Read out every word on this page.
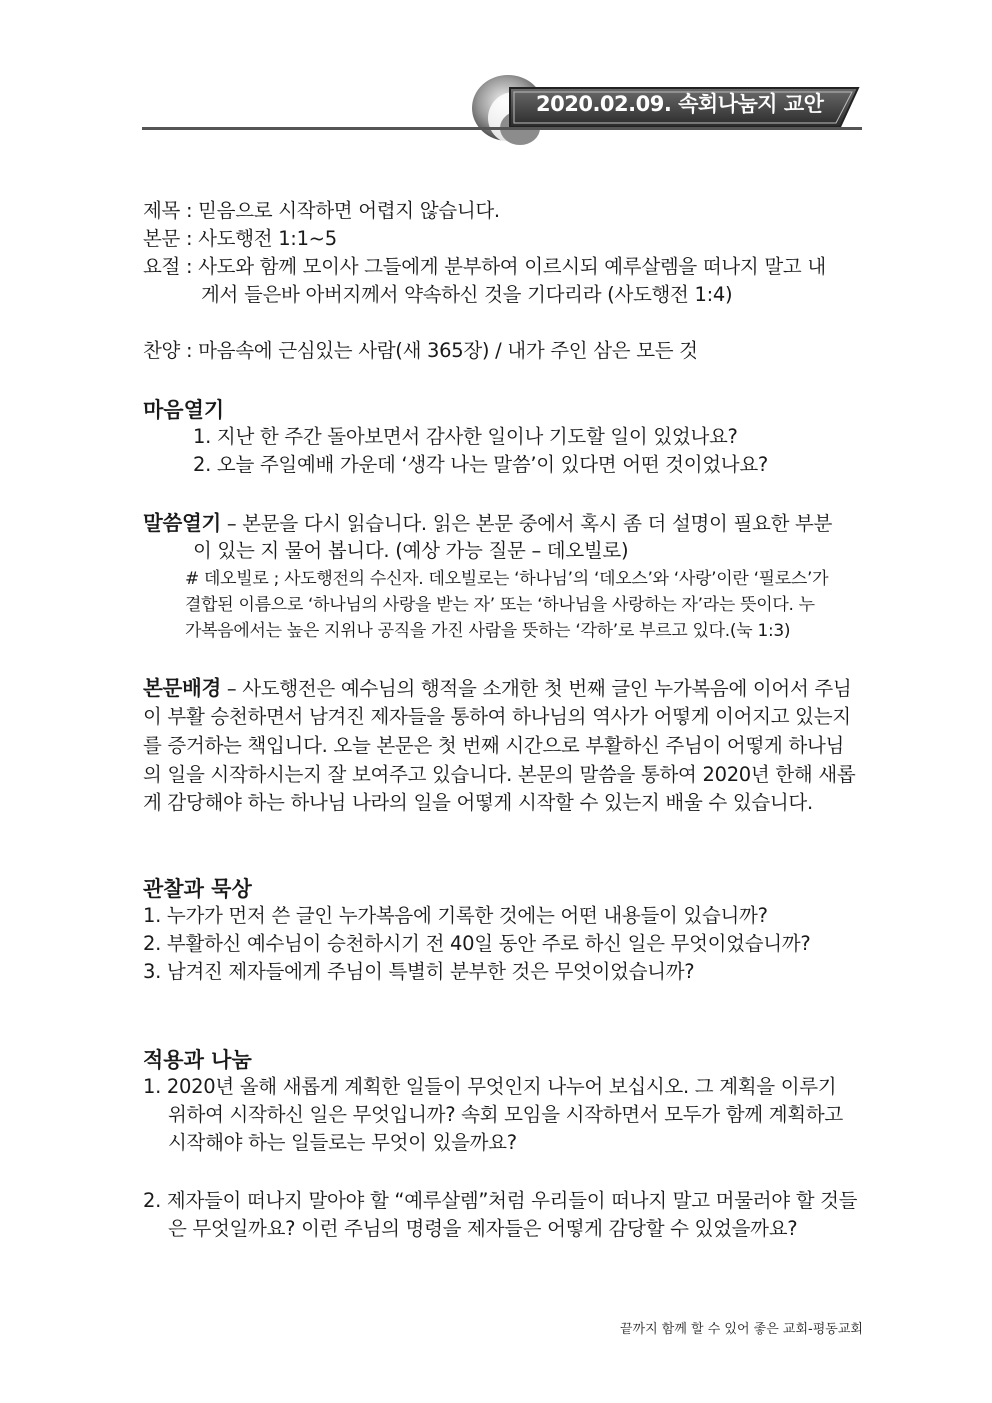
2020.02.09. 속회나눔지 교안
제목 : 믿음으로 시작하면 어렵지 않습니다.
본문 : 사도행전 1:1~5
요절 : 사도와 함께 모이사 그들에게 분부하여 이르시되 예루살렘을 떠나지 말고 내
게서 들은바 아버지께서 약속하신 것을 기다리라 (사도행전 1:4)
찬양 : 마음속에 근심있는 사람(새 365장) / 내가 주인 삼은 모든 것
마음열기
1. 지난 한 주간 돌아보면서 감사한 일이나 기도할 일이 있었나요?
2. 오늘 주일예배 가운데 ‘생각 나는 말씀’이 있다면 어떤 것이었나요?
말씀열기 – 본문을 다시 읽습니다. 읽은 본문 중에서 혹시 좀 더 설명이 필요한 부분
이 있는 지 물어 봅니다. (예상 가능 질문 – 데오빌로)
# 데오빌로 ; 사도행전의 수신자. 데오빌로는 ‘하나님’의 ‘데오스’와 ‘사랑’이란 ‘필로스’가
결합된 이름으로 ‘하나님의 사랑을 받는 자’ 또는 ‘하나님을 사랑하는 자’라는 뜻이다. 누
가복음에서는 높은 지위나 공직을 가진 사람을 뜻하는 ‘각하’로 부르고 있다.(눅 1:3)
본문배경 – 사도행전은 예수님의 행적을 소개한 첫 번째 글인 누가복음에 이어서 주님
이 부활 승천하면서 남겨진 제자들을 통하여 하나님의 역사가 어떻게 이어지고 있는지
를 증거하는 책입니다. 오늘 본문은 첫 번째 시간으로 부활하신 주님이 어떻게 하나님
의 일을 시작하시는지 잘 보여주고 있습니다. 본문의 말씀을 통하여 2020년 한해 새롭
게 감당해야 하는 하나님 나라의 일을 어떻게 시작할 수 있는지 배울 수 있습니다.
관찰과 묵상
1. 누가가 먼저 쓴 글인 누가복음에 기록한 것에는 어떤 내용들이 있습니까?
2. 부활하신 예수님이 승천하시기 전 40일 동안 주로 하신 일은 무엇이었습니까?
3. 남겨진 제자들에게 주님이 특별히 분부한 것은 무엇이었습니까?
적용과 나눔
1. 2020년 올해 새롭게 계획한 일들이 무엇인지 나누어 보십시오. 그 계획을 이루기
위하여 시작하신 일은 무엇입니까? 속회 모임을 시작하면서 모두가 함께 계획하고
시작해야 하는 일들로는 무엇이 있을까요?
2. 제자들이 떠나지 말아야 할 “예루살렘”처럼 우리들이 떠나지 말고 머물러야 할 것들
은 무엇일까요? 이런 주님의 명령을 제자들은 어떻게 감당할 수 있었을까요?
끝까지 함께 할 수 있어 좋은 교회-평동교회
